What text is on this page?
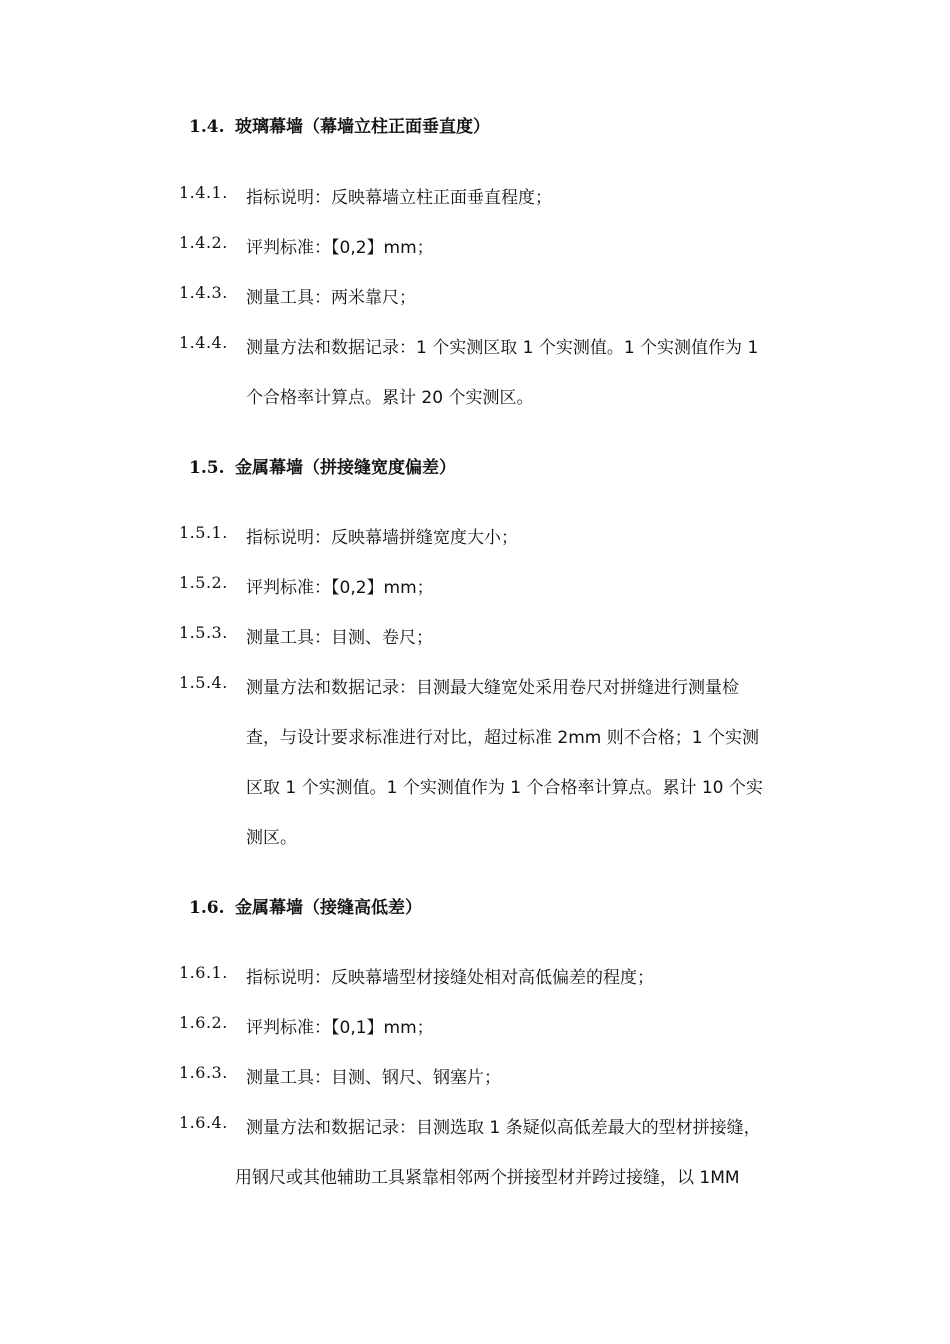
1.4. 玻璃幕墙（幕墙立柱正面垂直度）
1.4.1.	指标说明：反映幕墙立柱正面垂直程度；
1.4.2.	评判标准：【0,2】mm；
1.4.3.	测量工具：两米靠尺；
1.4.4.	测量方法和数据记录：1 个实测区取 1 个实测值。1 个实测值作为 1
个合格率计算点。累计 20 个实测区。
1.5. 金属幕墙（拼接缝宽度偏差）
1.5.1.	指标说明：反映幕墙拼缝宽度大小；
1.5.2.	评判标准：【0,2】mm；
1.5.3.	测量工具：目测、卷尺；
1.5.4.	测量方法和数据记录：目测最大缝宽处采用卷尺对拼缝进行测量检
查，与设计要求标准进行对比，超过标准 2mm 则不合格；1 个实测
区取 1 个实测值。1 个实测值作为 1 个合格率计算点。累计 10 个实
测区。
1.6. 金属幕墙（接缝高低差）
1.6.1.	指标说明：反映幕墙型材接缝处相对高低偏差的程度；
1.6.2.	评判标准：【0,1】mm；
1.6.3.	测量工具：目测、钢尺、钢塞片；
1.6.4.	测量方法和数据记录：目测选取 1 条疑似高低差最大的型材拼接缝，
用钢尺或其他辅助工具紧靠相邻两个拼接型材并跨过接缝，以 1MM
